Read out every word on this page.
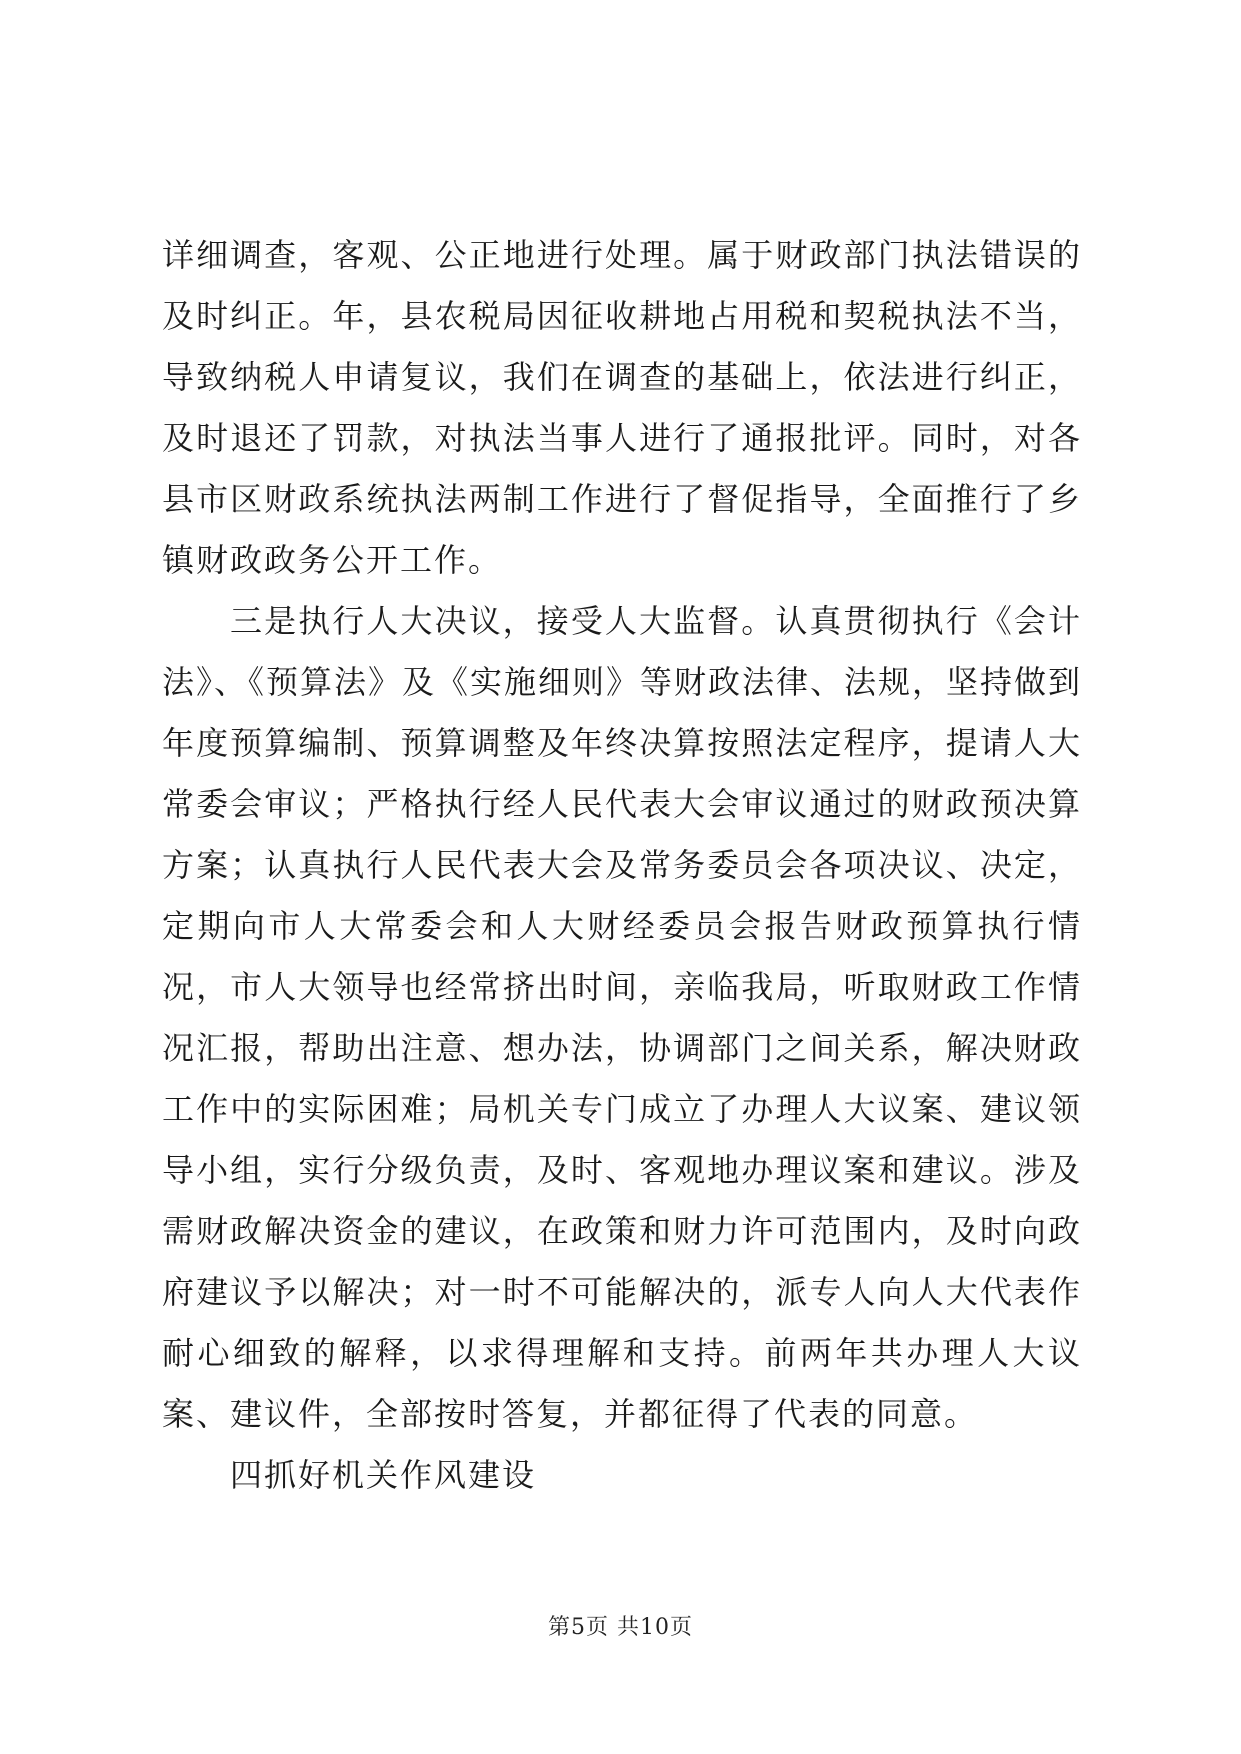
详细调查，客观、公正地进行处理。属于财政部门执法错误的及时纠正。年，县农税局因征收耕地占用税和契税执法不当，导致纳税人申请复议，我们在调查的基础上，依法进行纠正，及时退还了罚款，对执法当事人进行了通报批评。同时，对各县市区财政系统执法两制工作进行了督促指导，全面推行了乡镇财政政务公开工作。

三是执行人大决议，接受人大监督。认真贯彻执行《会计法》、《预算法》及《实施细则》等财政法律、法规，坚持做到年度预算编制、预算调整及年终决算按照法定程序，提请人大常委会审议；严格执行经人民代表大会审议通过的财政预决算方案；认真执行人民代表大会及常务委员会各项决议、决定，定期向市人大常委会和人大财经委员会报告财政预算执行情况，市人大领导也经常挤出时间，亲临我局，听取财政工作情况汇报，帮助出注意、想办法，协调部门之间关系，解决财政工作中的实际困难；局机关专门成立了办理人大议案、建议领导小组，实行分级负责，及时、客观地办理议案和建议。涉及需财政解决资金的建议，在政策和财力许可范围内，及时向政府建议予以解决；对一时不可能解决的，派专人向人大代表作耐心细致的解释，以求得理解和支持。前两年共办理人大议案、建议件，全部按时答复，并都征得了代表的同意。

四抓好机关作风建设

第5页 共10页
